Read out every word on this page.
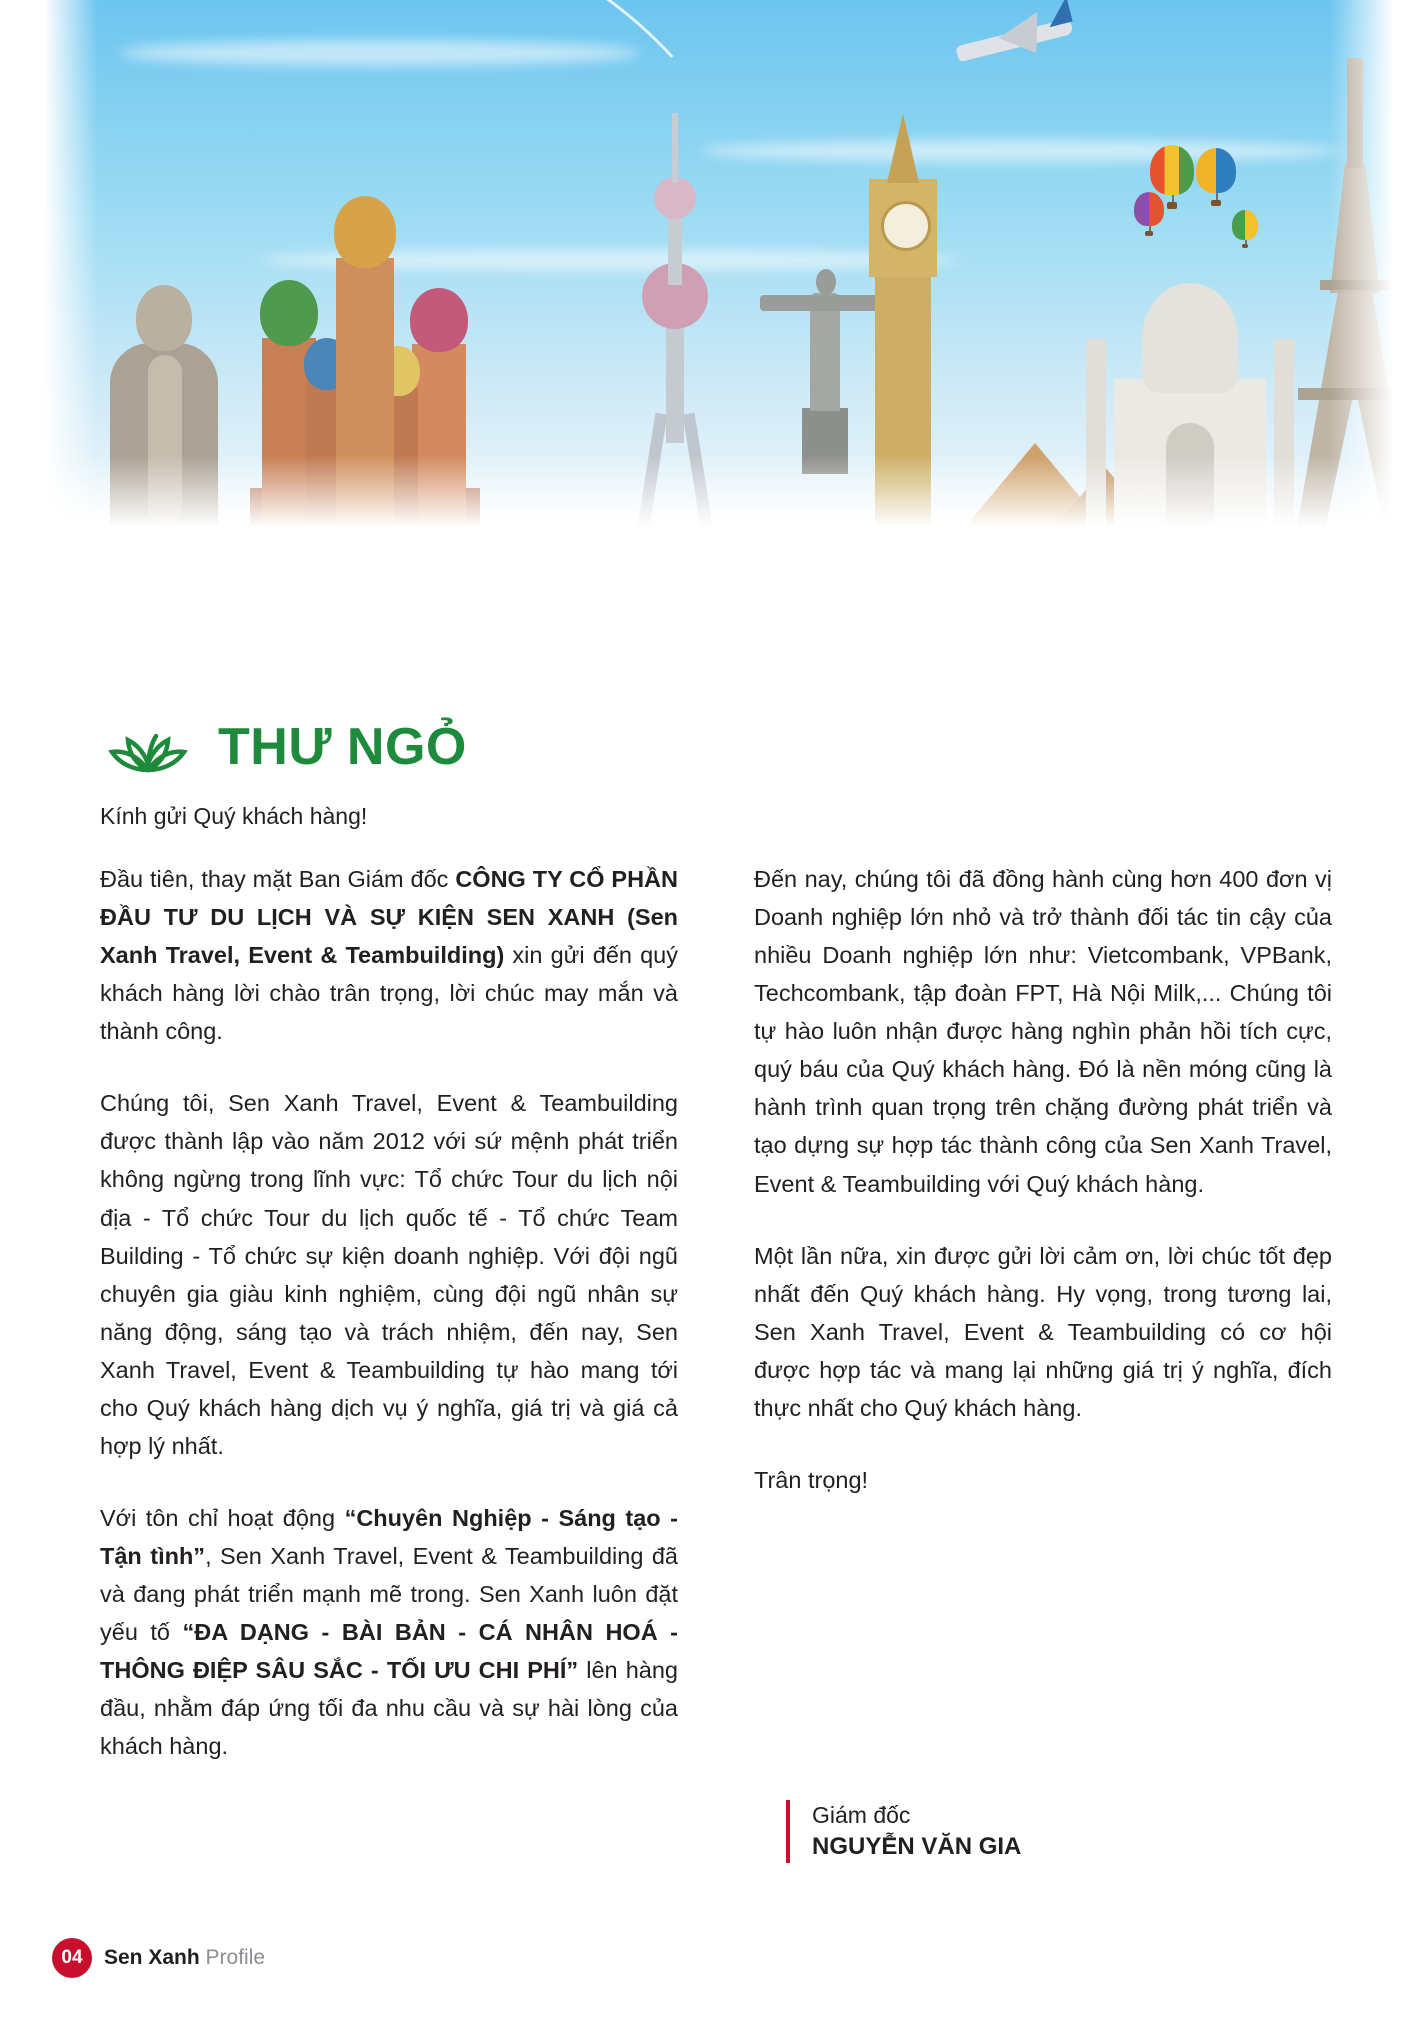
THƯ NGỎ
Kính gửi Quý khách hàng!

Đầu tiên, thay mặt Ban Giám đốc CÔNG TY CỔ PHẦN ĐẦU TƯ DU LỊCH VÀ SỰ KIỆN SEN XANH (Sen Xanh Travel, Event & Teambuilding) xin gửi đến quý khách hàng lời chào trân trọng, lời chúc may mắn và thành công.

Chúng tôi, Sen Xanh Travel, Event & Teambuilding được thành lập vào năm 2012 với sứ mệnh phát triển không ngừng trong lĩnh vực: Tổ chức Tour du lịch nội địa - Tổ chức Tour du lịch quốc tế - Tổ chức Team Building - Tổ chức sự kiện doanh nghiệp. Với đội ngũ chuyên gia giàu kinh nghiệm, cùng đội ngũ nhân sự năng động, sáng tạo và trách nhiệm, đến nay, Sen Xanh Travel, Event & Teambuilding tự hào mang tới cho Quý khách hàng dịch vụ ý nghĩa, giá trị và giá cả hợp lý nhất.

Với tôn chỉ hoạt động “Chuyên Nghiệp - Sáng tạo - Tận tình”, Sen Xanh Travel, Event & Teambuilding đã và đang phát triển mạnh mẽ trong. Sen Xanh luôn đặt yếu tố “ĐA DẠNG - BÀI BẢN - CÁ NHÂN HOÁ - THÔNG ĐIỆP SÂU SẮC - TỐI ƯU CHI PHÍ” lên hàng đầu, nhằm đáp ứng tối đa nhu cầu và sự hài lòng của khách hàng.

Đến nay, chúng tôi đã đồng hành cùng hơn 400 đơn vị Doanh nghiệp lớn nhỏ và trở thành đối tác tin cậy của nhiều Doanh nghiệp lớn như: Vietcombank, VPBank, Techcombank, tập đoàn FPT, Hà Nội Milk,... Chúng tôi tự hào luôn nhận được hàng nghìn phản hồi tích cực, quý báu của Quý khách hàng. Đó là nền móng cũng là hành trình quan trọng trên chặng đường phát triển và tạo dựng sự hợp tác thành công của Sen Xanh Travel, Event & Teambuilding với Quý khách hàng.

Một lần nữa, xin được gửi lời cảm ơn, lời chúc tốt đẹp nhất đến Quý khách hàng. Hy vọng, trong tương lai, Sen Xanh Travel, Event & Teambuilding có cơ hội được hợp tác và mang lại những giá trị ý nghĩa, đích thực nhất cho Quý khách hàng.

Trân trọng!

Giám đốc
NGUYỄN VĂN GIA
04	Sen Xanh Profile
